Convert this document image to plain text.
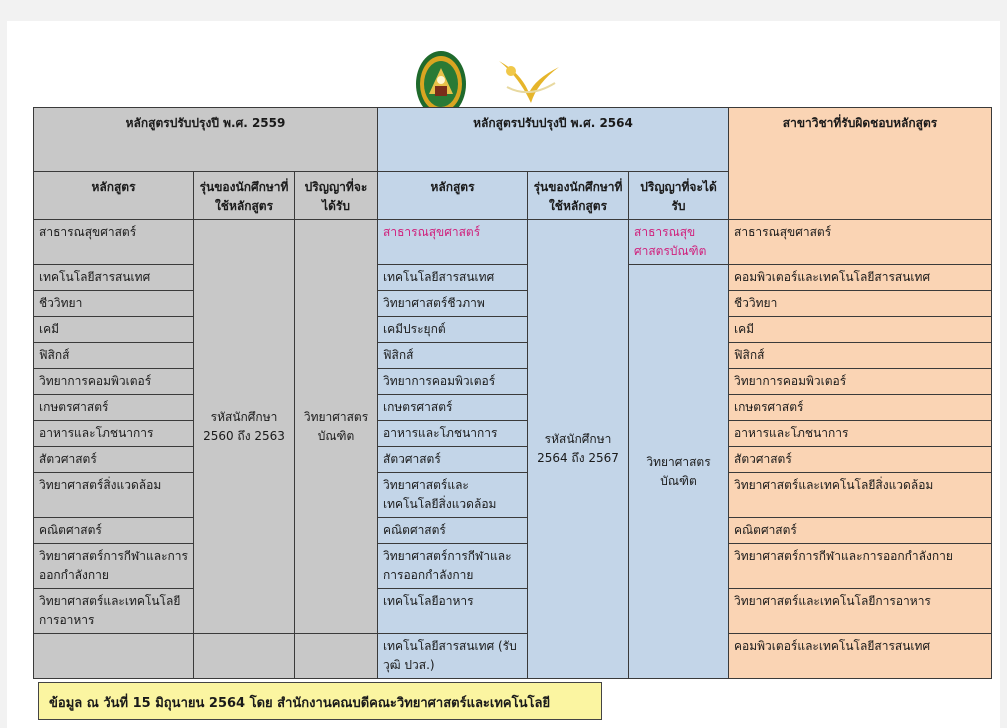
ข้อมูล ณ วันที่ 15 มิถุนายน 2564 โดย สำนักงานคณบดีคณะวิทยาศาสตร์และเทคโนโลยี
หลักสูตรปรับปรุงปี พ.ศ. 2559			หลักสูตรปรับปรุงปี พ.ศ. 2564			สาขาวิชาที่รับผิดชอบหลักสูตร
หลักสูตร	รุ่นของนักศึกษาที่ใช้หลักสูตร	ปริญญาที่จะได้รับ	หลักสูตร	รุ่นของนักศึกษาที่ใช้หลักสูตร	ปริญญาที่จะได้รับ	
สาธารณสุขศาสตร์	รหัสนักศึกษา 2560 ถึง 2563	วิทยาศาสตรบัณฑิต	สาธารณสุขศาสตร์	รหัสนักศึกษา 2564 ถึง 2567	สาธารณสุขศาสตรบัณฑิต	สาธารณสุขศาสตร์
เทคโนโลยีสารสนเทศ			เทคโนโลยีสารสนเทศ		วิทยาศาสตรบัณฑิต	คอมพิวเตอร์และเทคโนโลยีสารสนเทศ
ชีววิทยา			วิทยาศาสตร์ชีวภาพ			ชีววิทยา
เคมี			เคมีประยุกต์			เคมี
ฟิสิกส์			ฟิสิกส์			ฟิสิกส์
วิทยาการคอมพิวเตอร์			วิทยาการคอมพิวเตอร์			วิทยาการคอมพิวเตอร์
เกษตรศาสตร์			เกษตรศาสตร์			เกษตรศาสตร์
อาหารและโภชนาการ			อาหารและโภชนาการ			อาหารและโภชนาการ
สัตวศาสตร์			สัตวศาสตร์			สัตวศาสตร์
วิทยาศาสตร์สิ่งแวดล้อม			วิทยาศาสตร์และเทคโนโลยีสิ่งแวดล้อม			วิทยาศาสตร์และเทคโนโลยีสิ่งแวดล้อม
คณิตศาสตร์			คณิตศาสตร์			คณิตศาสตร์
วิทยาศาสตร์การกีฬาและการออกกำลังกาย			วิทยาศาสตร์การกีฬาและการออกกำลังกาย			วิทยาศาสตร์การกีฬาและการออกกำลังกาย
วิทยาศาสตร์และเทคโนโลยีการอาหาร			เทคโนโลยีอาหาร			วิทยาศาสตร์และเทคโนโลยีการอาหาร
			เทคโนโลยีสารสนเทศ (รับวุฒิ ปวส.)			คอมพิวเตอร์และเทคโนโลยีสารสนเทศ
